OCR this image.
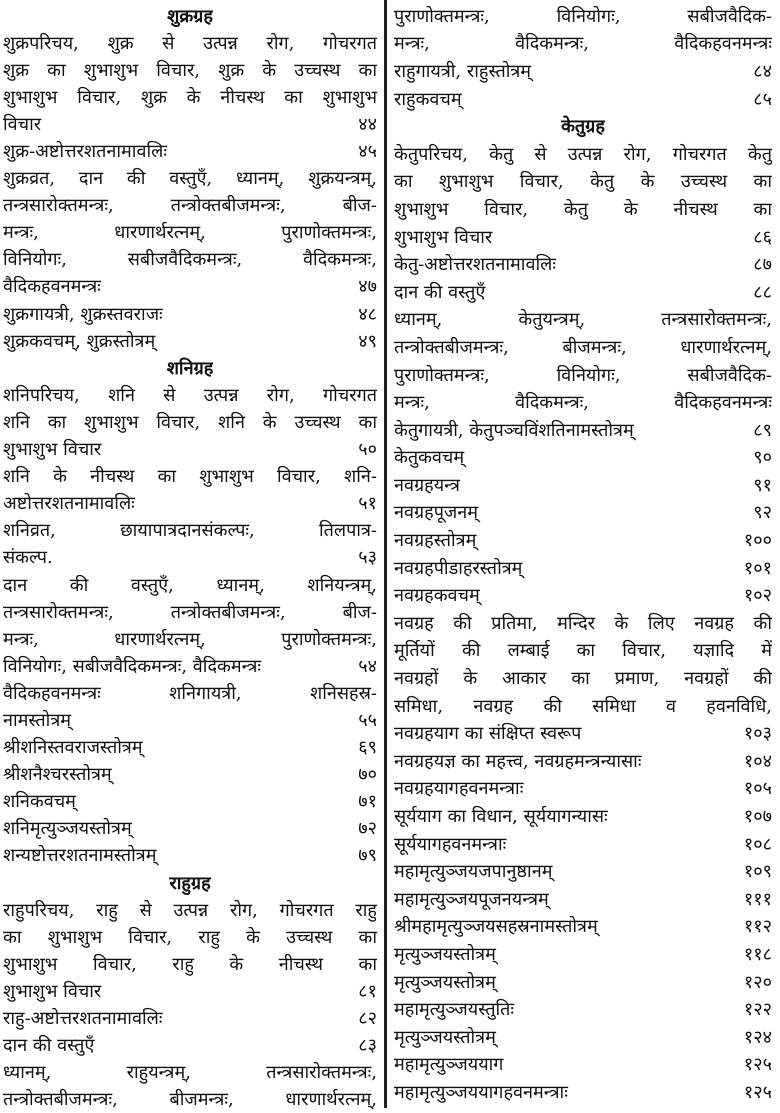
शुक्रग्रह
शुक्रपरिचय, शुक्र से उत्पन्न रोग, गोचरगत
शुक्र का शुभाशुभ विचार, शुक्र के उच्चस्थ का
शुभाशुभ विचार, शुक्र के नीचस्थ का शुभाशुभ
विचार	४४
शुक्र-अष्टोत्तरशतनामावलिः	४५
शुक्रव्रत, दान की वस्तुएँ, ध्यानम्, शुक्रयन्त्रम्,
तन्त्रसारोक्तमन्त्रः, तन्त्रोक्तबीजमन्त्रः, बीज-
मन्त्रः, धारणार्थरत्नम्, पुराणोक्तमन्त्रः,
विनियोगः, सबीजवैदिकमन्त्रः, वैदिकमन्त्रः,
वैदिकहवनमन्त्रः	४७
शुक्रगायत्री, शुक्रस्तवराजः	४८
शुक्रकवचम्, शुक्रस्तोत्रम्	४९
शनिग्रह
शनिपरिचय, शनि से उत्पन्न रोग, गोचरगत
शनि का शुभाशुभ विचार, शनि के उच्चस्थ का
शुभाशुभ विचार	५०
शनि के नीचस्थ का शुभाशुभ विचार, शनि-
अष्टोत्तरशतनामावलिः	५१
शनिव्रत, छायापात्रदानसंकल्पः, तिलपात्र-
संकल्प.	५३
दान की वस्तुएँ, ध्यानम्, शनियन्त्रम्,
तन्त्रसारोक्तमन्त्रः, तन्त्रोक्तबीजमन्त्रः, बीज-
मन्त्रः, धारणार्थरत्नम्, पुराणोक्तमन्त्रः,
विनियोगः, सबीजवैदिकमन्त्रः, वैदिकमन्त्रः	५४
वैदिकहवनमन्त्रः शनिगायत्री, शनिसहस्र-
नामस्तोत्रम्	५५
श्रीशनिस्तवराजस्तोत्रम्	६९
श्रीशनैश्चरस्तोत्रम्	७०
शनिकवचम्	७१
शनिमृत्युञ्जयस्तोत्रम्	७२
शन्यष्टोत्तरशतनामस्तोत्रम्	७९
राहुग्रह
राहुपरिचय, राहु से उत्पन्न रोग, गोचरगत राहु
का शुभाशुभ विचार, राहु के उच्चस्थ का
शुभाशुभ विचार, राहु के नीचस्थ का
शुभाशुभ विचार	८१
राहु-अष्टोत्तरशतनामावलिः	८२
दान की वस्तुएँ	८३
ध्यानम्, राहुयन्त्रम्, तन्त्रसारोक्तमन्त्रः,
तन्त्रोक्तबीजमन्त्रः, बीजमन्त्रः, धारणार्थरत्नम्,
पुराणोक्तमन्त्रः, विनियोगः, सबीजवैदिक-
मन्त्रः, वैदिकमन्त्रः, वैदिकहवनमन्त्रः
राहुगायत्री, राहुस्तोत्रम्	८४
राहुकवचम्	८५
केतुग्रह
केतुपरिचय, केतु से उत्पन्न रोग, गोचरगत केतु
का शुभाशुभ विचार, केतु के उच्चस्थ का
शुभाशुभ विचार, केतु के नीचस्थ का
शुभाशुभ विचार	८६
केतु-अष्टोत्तरशतनामावलिः	८७
दान की वस्तुएँ	८८
ध्यानम्, केतुयन्त्रम्, तन्त्रसारोक्तमन्त्रः,
तन्त्रोक्तबीजमन्त्रः, बीजमन्त्रः, धारणार्थरत्नम्,
पुराणोक्तमन्त्रः, विनियोगः, सबीजवैदिक-
मन्त्रः, वैदिकमन्त्रः, वैदिकहवनमन्त्रः
केतुगायत्री, केतुपञ्चविंशतिनामस्तोत्रम्	८९
केतुकवचम्	९०
नवग्रहयन्त्र	९१
नवग्रहपूजनम्	९२
नवग्रहस्तोत्रम्	१००
नवग्रहपीडाहरस्तोत्रम्	१०१
नवग्रहकवचम्	१०२
नवग्रह की प्रतिमा, मन्दिर के लिए नवग्रह की
मूर्तियों की लम्बाई का विचार, यज्ञादि में
नवग्रहों के आकार का प्रमाण, नवग्रहों की
समिधा, नवग्रह की समिधा व हवनविधि,
नवग्रहयाग का संक्षिप्त स्वरूप	१०३
नवग्रहयज्ञ का महत्त्व, नवग्रहमन्त्रन्यासाः	१०४
नवग्रहयागहवनमन्त्राः	१०५
सूर्ययाग का विधान, सूर्ययागन्यासः	१०७
सूर्ययागहवनमन्त्राः	१०८
महामृत्युञ्जयजपानुष्ठानम्	१०९
महामृत्युञ्जयपूजनयन्त्रम्	१११
श्रीमहामृत्युञ्जयसहस्रनामस्तोत्रम्	११२
मृत्युञ्जयस्तोत्रम्	११८
मृत्युञ्जयस्तोत्रम्	१२०
महामृत्युञ्जयस्तुतिः	१२२
मृत्युञ्जयस्तोत्रम्	१२४
महामृत्युञ्जययाग	१२५
महामृत्युञ्जययागहवनमन्त्राः	१२५
